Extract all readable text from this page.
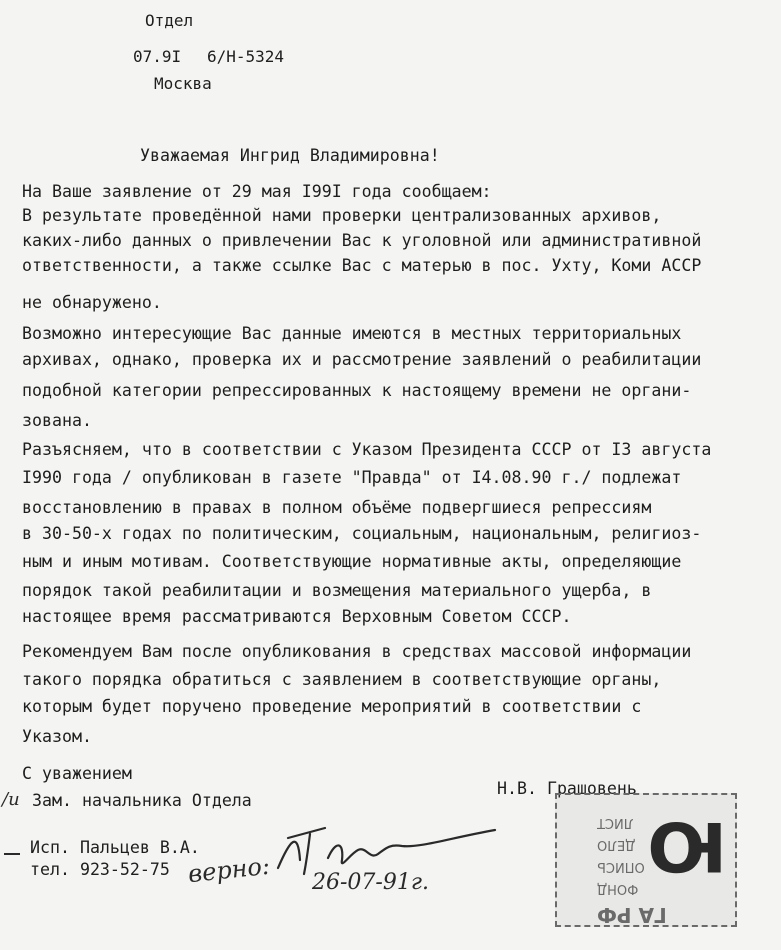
Отдел
07.9I 6/Н-5324
Москва
Уважаемая Ингрид Владимировна!
На Ваше заявление от 29 мая I99I года сообщаем:
В результате проведённой нами проверки централизованных архивов,
каких-либо данных о привлечении Вас к уголовной или административной
ответственности, а также ссылке Вас с матерью в пос. Ухту, Коми АССР
не обнаружено.
Возможно интересующие Вас данные имеются в местных территориальных
архивах, однако, проверка их и рассмотрение заявлений о реабилитации
подобной категории репрессированных к настоящему времени не органи-
зована.
Разъясняем, что в соответствии с Указом Президента СССР от I3 августа
I990 года / опубликован в газете "Правда" от I4.08.90 г./ подлежат
восстановлению в правах в полном объёме подвергшиеся репрессиям
в 30-50-х годах по политическим, социальным, национальным, религиоз-
ным и иным мотивам. Соответствующие нормативные акты, определяющие
порядок такой реабилитации и возмещения материального ущерба, в
настоящее время рассматриваются Верховным Советом СССР.
Рекомендуем Вам после опубликования в средствах массовой информации
такого порядка обратиться с заявлением в соответствующие органы,
которым будет поручено проведение мероприятий в соответствии с
Указом.
С уважением
/и Зам. начальника Отдела
Н.В. Грашовень
Исп. Пальцев В.А.
тел. 923-52-75 верно: 26-07-91г.
ГА РФ
ФОНД
ОПИСЬ
ДЕЛО
ЛИСТ Ю
